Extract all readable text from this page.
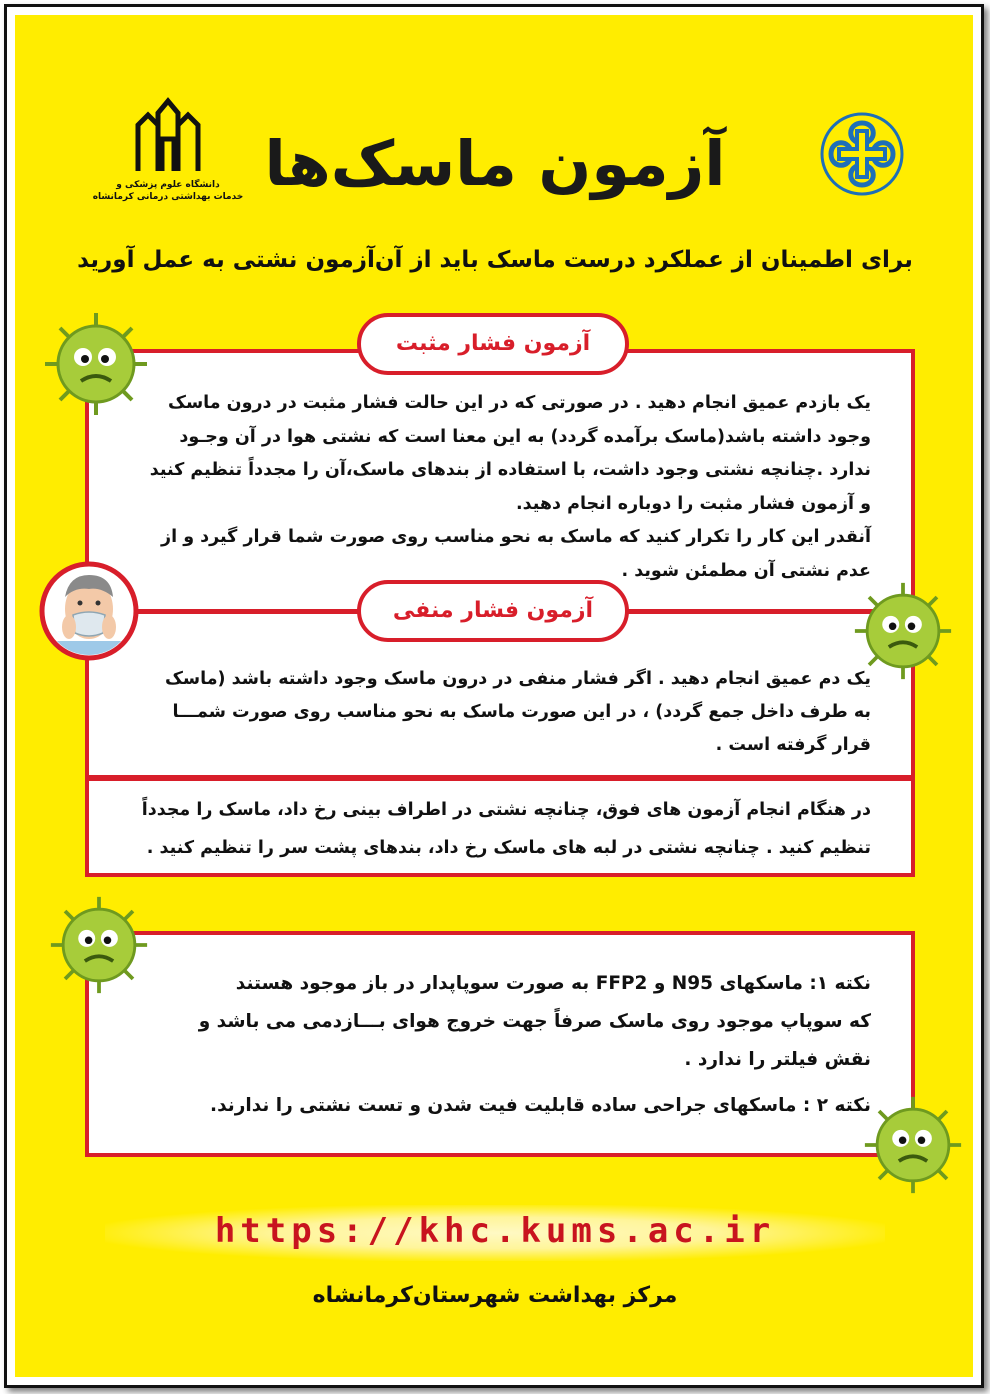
دانشگاه علوم پزشکی و
خدمات بهداشتی درمانی کرمانشاه آزمون ماسک‌ها
برای اطمینان از عملکرد درست ماسک باید از آن‌آزمون نشتی به عمل آورید
آزمون فشار مثبت

یک بازدم عمیق انجام دهید . در صورتی که در این حالت فشار مثبت در درون ماسک

وجود داشته باشد(ماسک برآمده گردد) به این معنا است که نشتی هوا در آن وجـود

ندارد .چنانچه نشتی وجود داشت، با استفاده از بندهای ماسک،آن را مجدداً تنظیم کنید

و آزمون فشار مثبت را دوباره انجام دهید.

آنقدر این کار را تکرار کنید که ماسک به نحو مناسب روی صورت شما قرار گیرد و از

عدم نشتی آن مطمئن شوید .

آزمون فشار منفی

یک دم عمیق انجام دهید . اگر فشار منفی در درون ماسک وجود داشته باشد (ماسک

به طرف داخل جمع گردد) ، در این صورت ماسک به نحو مناسب روی صورت شمـــا

قرار گرفته است .

در هنگام انجام آزمون های فوق، چنانچه نشتی در اطراف بینی رخ داد، ماسک را مجدداً

تنظیم کنید . چنانچه نشتی در لبه های ماسک رخ داد، بندهای پشت سر را تنظیم کنید .

نکته ۱: ماسکهای N95 و FFP2 به صورت سوپاپدار در باز موجود هستند

که سوپاپ موجود روی ماسک صرفاً جهت خروج هوای بـــازدمی می باشد و

نقش فیلتر را ندارد .

نکته ۲ : ماسکهای جراحی ساده قابلیت فیت شدن و تست نشتی را ندارند.

https://khc.kums.ac.ir
مرکز بهداشت شهرستان‌کرمانشاه
